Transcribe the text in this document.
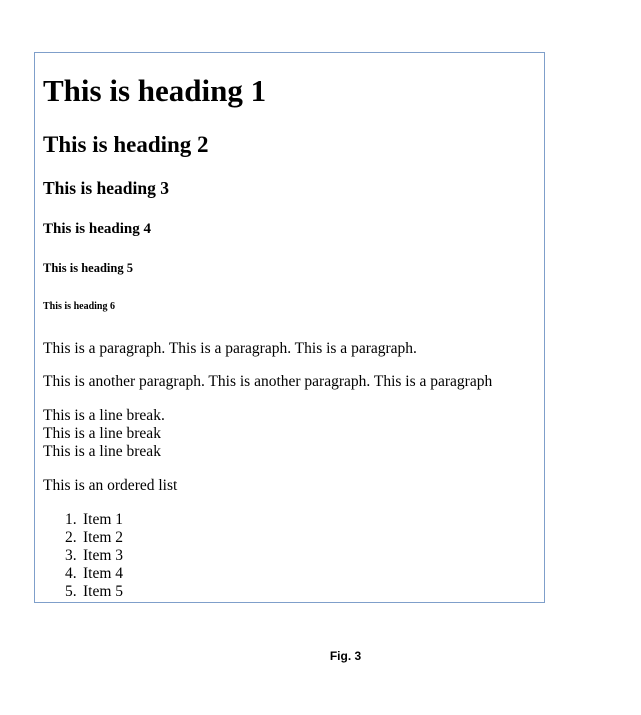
This is heading 1
This is heading 2
This is heading 3
This is heading 4
This is heading 5
This is heading 6

This is a paragraph. This is a paragraph. This is a paragraph.

This is another paragraph. This is another paragraph. This is a paragraph

This is a line break.

This is a line break

This is a line break

This is an ordered list

1. Item 1
2. Item 2
3. Item 3
4. Item 4
5. Item 5
Fig. 3
